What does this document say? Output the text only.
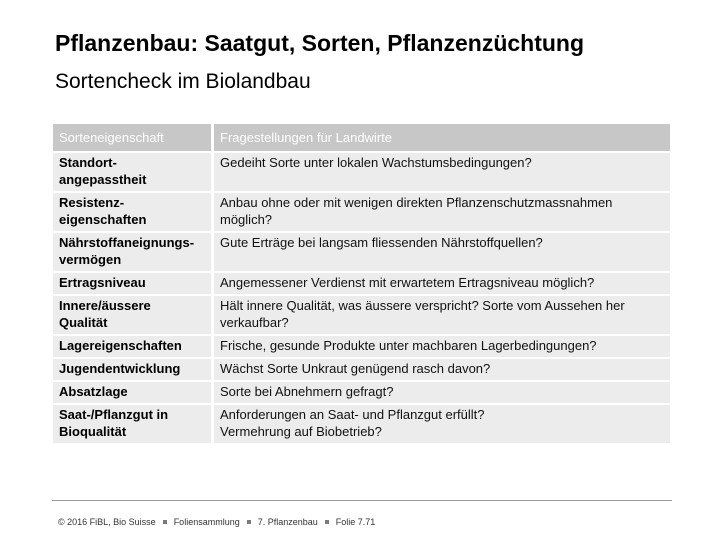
Pflanzenbau: Saatgut, Sorten, Pflanzenzüchtung
Sortencheck im Biolandbau
Sorteneigenschaft	Fragestellungen für Landwirte
Standort-
angepasstheit	Gedeiht Sorte unter lokalen Wachstumsbedingungen?
Resistenz-
eigenschaften	Anbau ohne oder mit wenigen direkten Pflanzenschutzmassnahmen möglich?
Nährstoffaneignungs-
vermögen	Gute Erträge bei langsam fliessenden Nährstoffquellen?
Ertragsniveau	Angemessener Verdienst mit erwartetem Ertragsniveau möglich?
Innere/äussere
Qualität	Hält innere Qualität, was äussere verspricht? Sorte vom Aussehen her verkaufbar?
Lagereigenschaften	Frische, gesunde Produkte unter machbaren Lagerbedingungen?
Jugendentwicklung	Wächst Sorte Unkraut genügend rasch davon?
Absatzlage	Sorte bei Abnehmern gefragt?
Saat-/Pflanzgut in
Bioqualität	Anforderungen an Saat- und Pflanzgut erfüllt?
Vermehrung auf Biobetrieb?
© 2016 FiBL, Bio Suisse Foliensammlung 7. Pflanzenbau Folie 7.71
